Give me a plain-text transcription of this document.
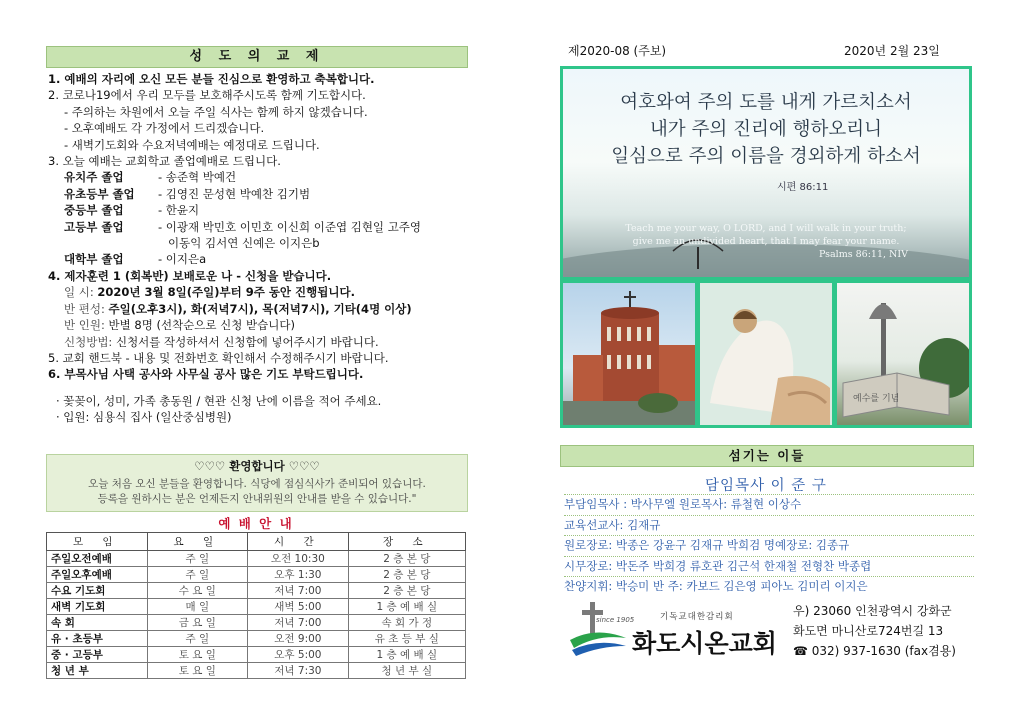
성 도 의 교 제
1. 예배의 자리에 오신 모든 분들 진심으로 환영하고 축복합니다.
2. 코로나19에서 우리 모두를 보호해주시도록 함께 기도합시다.
- 주의하는 차원에서 오늘 주일 식사는 함께 하지 않겠습니다.
- 오후예배도 각 가정에서 드리겠습니다.
- 새벽기도회와 수요저녁예배는 예정대로 드립니다.
3. 오늘 예배는 교회학교 졸업예배로 드립니다.
유치주 졸업	- 송준혁 박예건
유초등부 졸업 - 김영진 문성현 박예찬 김기범
중등부 졸업	- 한윤지
고등부 졸업	- 이광재 박민호 이민호 이신희 이준엽 김현일 고주영
이동익 김서연 신예은 이지은b
대학부 졸업	- 이지은a
4. 제자훈련 1 (회복반) 보배로운 나 - 신청을 받습니다.
일 시: 2020년 3월 8일(주일)부터 9주 동안 진행됩니다.
반 편성: 주일(오후3시), 화(저녁7시), 목(저녁7시), 기타(4명 이상)
반 인원: 반별 8명 (선착순으로 신청 받습니다)
신청방법: 신청서를 작성하셔서 신청함에 넣어주시기 바랍니다.
5. 교회 핸드북 - 내용 및 전화번호 확인해서 수정해주시기 바랍니다.
6. 부목사님 사택 공사와 사무실 공사 많은 기도 부탁드립니다.
· 꽃꽂이, 성미, 가족 총동원 / 현관 신청 난에 이름을 적어 주세요.
· 입원: 심용식 집사 (일산중심병원)
♡♡♡ 환영합니다 ♡♡♡
오늘 처음 오신 분들을 환영합니다. 식당에 점심식사가 준비되어 있습니다.
등록을 원하시는 분은 언제든지 안내위원의 안내를 받을 수 있습니다."
예 배 안 내
모 임	요 일	시 간	장 소
주일오전예배	주 일	오전 10:30	2 층 본 당
주일오후예배	주 일	오후 1:30	2 층 본 당
수요 기도회	수 요 일	저녁 7:00	2 층 본 당
새벽 기도회	매 일	새벽 5:00	1 층 예 배 실
속 회	금 요 일	저녁 7:00	속 회 가 정
유 · 초등부	주 일	오전 9:00	유 초 등 부 실
중 · 고등부	토 요 일	오후 5:00	1 층 예 배 실
청 년 부	토 요 일	저녁 7:30	청 년 부 실
제2020-08 (주보)	2020년 2월 23일
여호와여 주의 도를 내게 가르치소서
내가 주의 진리에 행하오리니
일심으로 주의 이름을 경외하게 하소서
시편 86:11
Teach me your way, O LORD, and I will walk in your truth;
give me an undivided heart, that I may fear your name.
Psalms 86:11, NIV
예수를 기념
섬기는 이들
담임목사 이 준 구
부담임목사 : 박사무엘 원로목사: 류철현 이상수
교육선교사: 김재규
원로장로: 박종은 강윤구 김재규 박희검 명예장로: 김종규
시무장로: 박돈주 박희경 류호관 김근석 한재철 전형찬 박종렵
찬양지휘: 박승미 반 주: 카보드 김은영 피아노 김미리 이지은
since 1905	기독교대한감리회
화도시온교회
우) 23060 인천광역시 강화군
화도면 마니산로724번길 13
☎ 032) 937-1630 (fax겸용)
